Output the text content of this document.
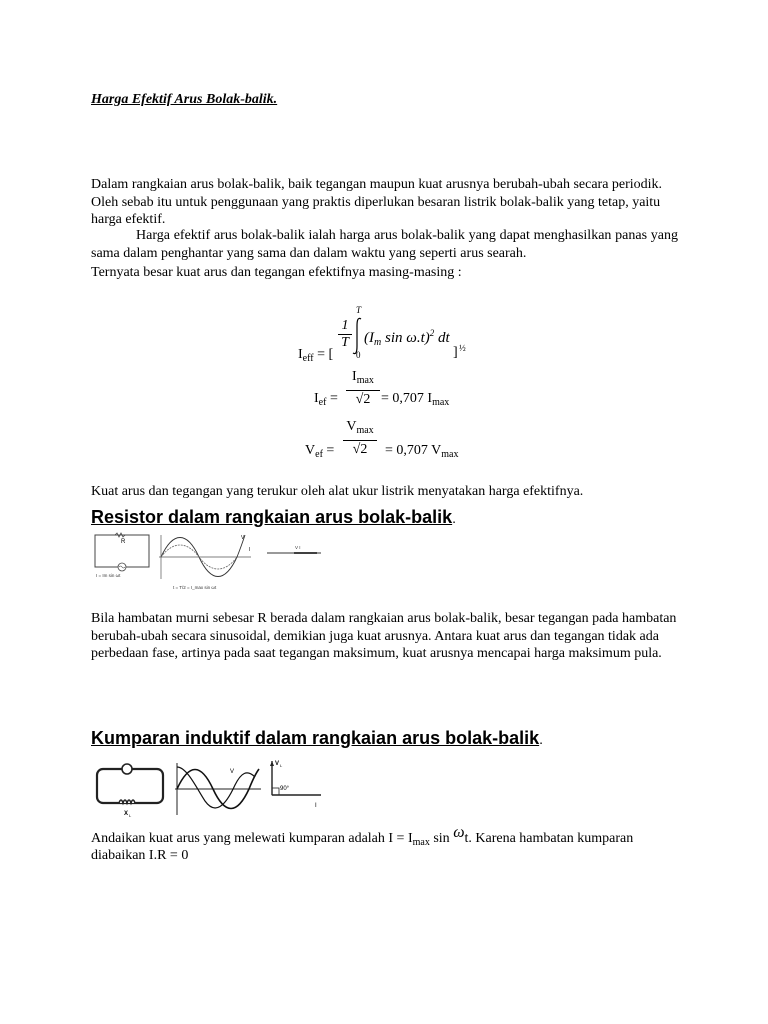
Harga Efektif Arus Bolak-balik.
Dalam rangkaian arus bolak-balik, baik tegangan maupun kuat arusnya berubah-ubah secara periodik. Oleh sebab itu untuk penggunaan yang praktis diperlukan besaran listrik bolak-balik yang tetap, yaitu harga efektif.
Harga efektif arus bolak-balik ialah harga arus bolak-balik yang dapat menghasilkan panas yang sama dalam penghantar yang sama dan dalam waktu yang seperti arus searah.
Ternyata besar kuat arus dan tegangan efektifnya masing-masing :
$I_{eff}$ = [
$\frac{1}{T}$
T
0
($I_m$ sin ω.t)$^2$ dt
] ½
$I_{ef}$ =
$I_{max}$
√2 = 0,707 $I_{max}$
$V_{ef}$ =
$V_{max}$
√2	= 0,707 $V_{max}$
Kuat arus dan tegangan yang terukur oleh alat ukur listrik menyatakan harga efektifnya.
Resistor dalam rangkaian arus bolak-balik.
R
I = Im sin ωt
V
I
t = T/2 = I_max sin ωt
V I
Bila hambatan murni sebesar R berada dalam rangkaian arus bolak-balik, besar tegangan pada hambatan berubah-ubah secara sinusoidal, demikian juga kuat arusnya. Antara kuat arus dan tegangan tidak ada perbedaan fase, artinya pada saat tegangan maksimum, kuat arusnya mencapai harga maksimum pula.
Kumparan induktif dalam rangkaian arus bolak-balik.
X L
V
V L
90°
I
Andaikan kuat arus yang melewati kumparan adalah $I = I_{max}$ sin ωt. Karena hambatan kumparan
diabaikan I.R = 0
